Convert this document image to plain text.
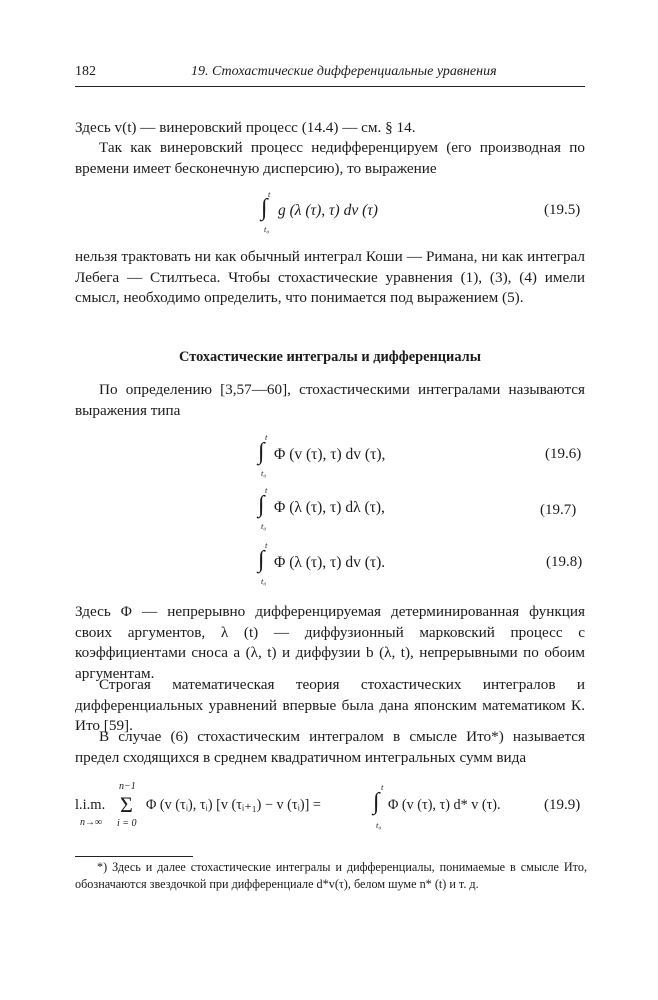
182	19. Стохастические дифференциальные уравнения

Здесь v(t) — винеровский процесс (14.4) — см. § 14.

Так как винеровский процесс недифференцируем (его производная по времени имеет бесконечную дисперсию), то выражение

∫
t
t₀
g (λ (τ), τ) dv (τ)	(19.5)

нельзя трактовать ни как обычный интеграл Коши — Римана, ни как интеграл Лебега — Стилтьеса. Чтобы стохастические уравнения (1), (3), (4) имели смысл, необходимо определить, что понимается под выражением (5).

Стохастические интегралы и дифференциалы

По определению [3,57—60], стохастическими интегралами называются выражения типа

∫
t
t₀
Φ (v (τ), τ) dv (τ),	(19.6)
∫
t
t₀
Φ (λ (τ), τ) dλ (τ),	(19.7)
∫
t
t₀
Φ (λ (τ), τ) dv (τ).	(19.8)

Здесь Φ — непрерывно дифференцируемая детерминированная функция своих аргументов, λ (t) — диффузионный марковский процесс с коэффициентами сноса a (λ, t) и диффузии b (λ, t), непрерывными по обоим аргументам.

Строгая математическая теория стохастических интегралов и дифференциальных уравнений впервые была дана японским математиком К. Ито [59].

В случае (6) стохастическим интегралом в смысле Ито*) называется предел сходящихся в среднем квадратичном интегральных сумм вида

l.i.m.
n→∞
n−1
Σ
i = 0
Φ (v (τᵢ), τᵢ) [v (τᵢ₊₁) − v (τᵢ)] = ∫
t
t₀
Φ (v (τ), τ) d* v (τ).	(19.9)

*) Здесь и далее стохастические интегралы и дифференциалы, понимаемые в смысле Ито, обозначаются звездочкой при дифференциале d*v(τ), белом шуме n* (t) и т. д.
